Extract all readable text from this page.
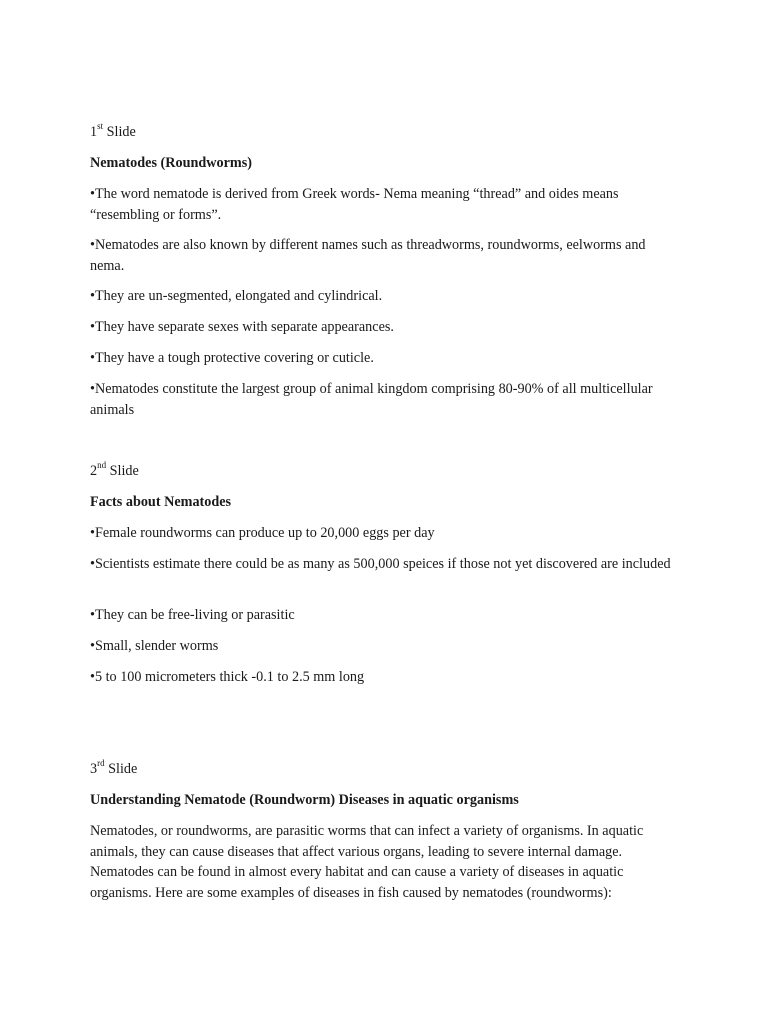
1st Slide

Nematodes (Roundworms)

•The word nematode is derived from Greek words- Nema meaning “thread” and oides means “resembling or forms”.

•Nematodes are also known by different names such as threadworms, roundworms, eelworms and nema.

•They are un-segmented, elongated and cylindrical.

•They have separate sexes with separate appearances.

•They have a tough protective covering or cuticle.

•Nematodes constitute the largest group of animal kingdom comprising 80-90% of all multicellular animals

2nd Slide

Facts about Nematodes

•Female roundworms can produce up to 20,000 eggs per day

•Scientists estimate there could be as many as 500,000 speices if those not yet discovered are included

•They can be free-living or parasitic

•Small, slender worms

•5 to 100 micrometers thick -0.1 to 2.5 mm long

3rd Slide

Understanding Nematode (Roundworm) Diseases in aquatic organisms

Nematodes, or roundworms, are parasitic worms that can infect a variety of organisms. In aquatic animals, they can cause diseases that affect various organs, leading to severe internal damage. Nematodes can be found in almost every habitat and can cause a variety of diseases in aquatic organisms. Here are some examples of diseases in fish caused by nematodes (roundworms):
